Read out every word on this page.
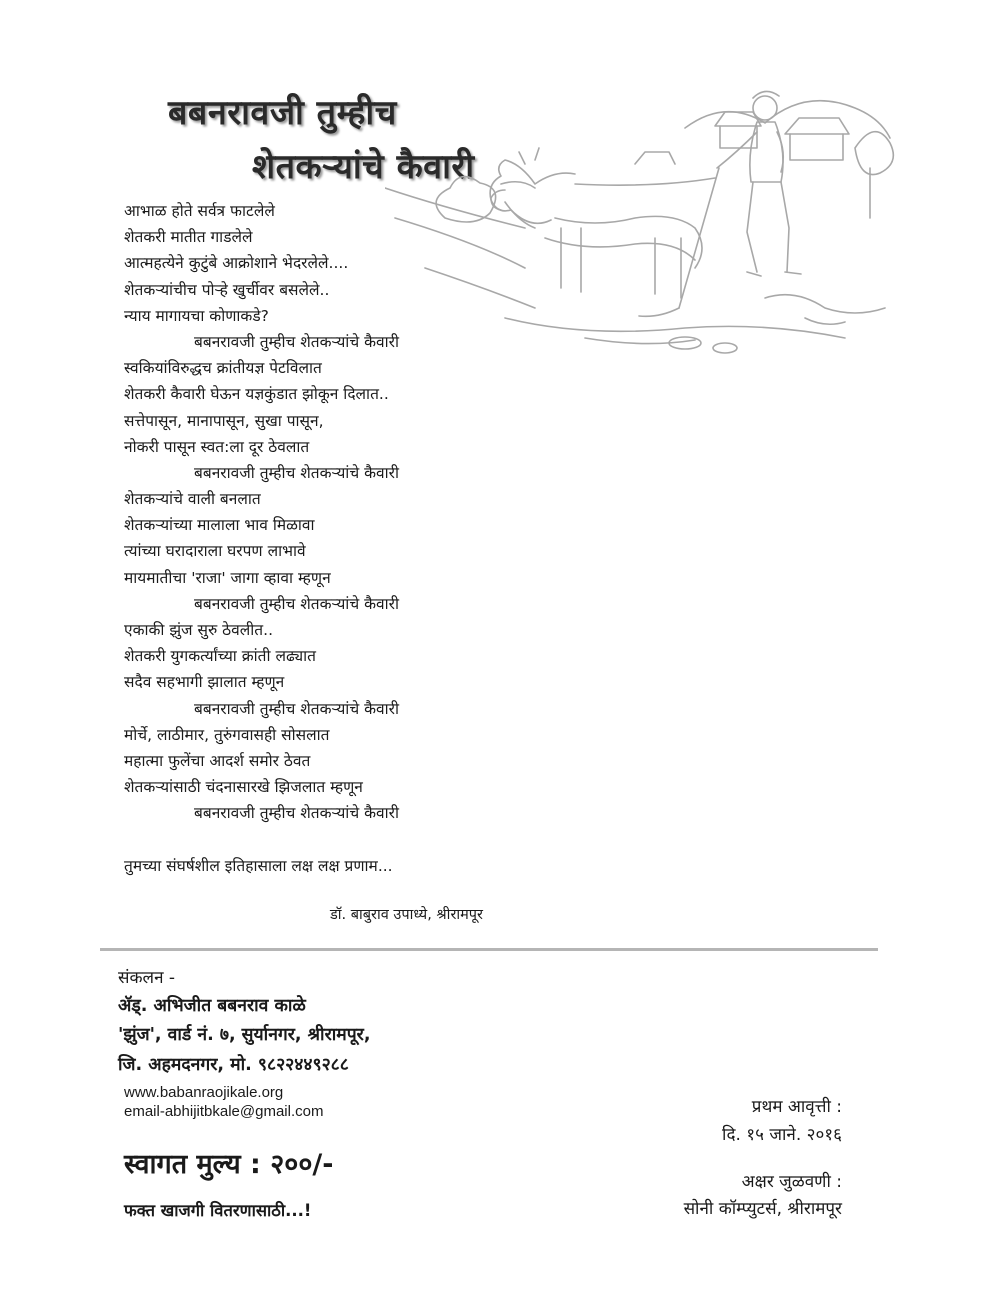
बबनरावजी तुम्हीच
शेतकऱ्यांचे कैवारी
आभाळ होते सर्वत्र फाटलेले
शेतकरी मातीत गाडलेले
आत्महत्येने कुटुंबे आक्रोशाने भेदरलेले....
शेतकऱ्यांचीच पोऱ्हे खुर्चीवर बसलेले..
न्याय मागायचा कोणाकडे?
बबनरावजी तुम्हीच शेतकऱ्यांचे कैवारी
स्वकियांविरुद्धच क्रांतीयज्ञ पेटविलात
शेतकरी कैवारी घेऊन यज्ञकुंडात झोकून दिलात..
सत्तेपासून, मानापासून, सुखा पासून,
नोकरी पासून स्वत:ला दूर ठेवलात
बबनरावजी तुम्हीच शेतकऱ्यांचे कैवारी
शेतकऱ्यांचे वाली बनलात
शेतकऱ्यांच्या मालाला भाव मिळावा
त्यांच्या घरादाराला घरपण लाभावे
मायमातीचा 'राजा' जागा व्हावा म्हणून
बबनरावजी तुम्हीच शेतकऱ्यांचे कैवारी
एकाकी झुंज सुरु ठेवलीत..
शेतकरी युगकर्त्यांच्या क्रांती लढ्यात
सदैव सहभागी झालात म्हणून
बबनरावजी तुम्हीच शेतकऱ्यांचे कैवारी
मोर्चे, लाठीमार, तुरुंगवासही सोसलात
महात्मा फुलेंचा आदर्श समोर ठेवत
शेतकऱ्यांसाठी चंदनासारखे झिजलात म्हणून
बबनरावजी तुम्हीच शेतकऱ्यांचे कैवारी
तुमच्या संघर्षशील इतिहासाला लक्ष लक्ष प्रणाम...
डॉ. बाबुराव उपाध्ये, श्रीरामपूर
संकलन -
ॲड्. अभिजीत बबनराव काळे
'झुंज', वार्ड नं. ७, सुर्यानगर, श्रीरामपूर,
जि. अहमदनगर, मो. ९८२२४४९२८८
www.babanraojikale.org
email-abhijitbkale@gmail.com
स्वागत मुल्य : २००/-
फक्त खाजगी वितरणासाठी...!
प्रथम आवृत्ती :
दि. १५ जाने. २०१६
अक्षर जुळवणी :
सोनी कॉम्प्युटर्स, श्रीरामपूर
